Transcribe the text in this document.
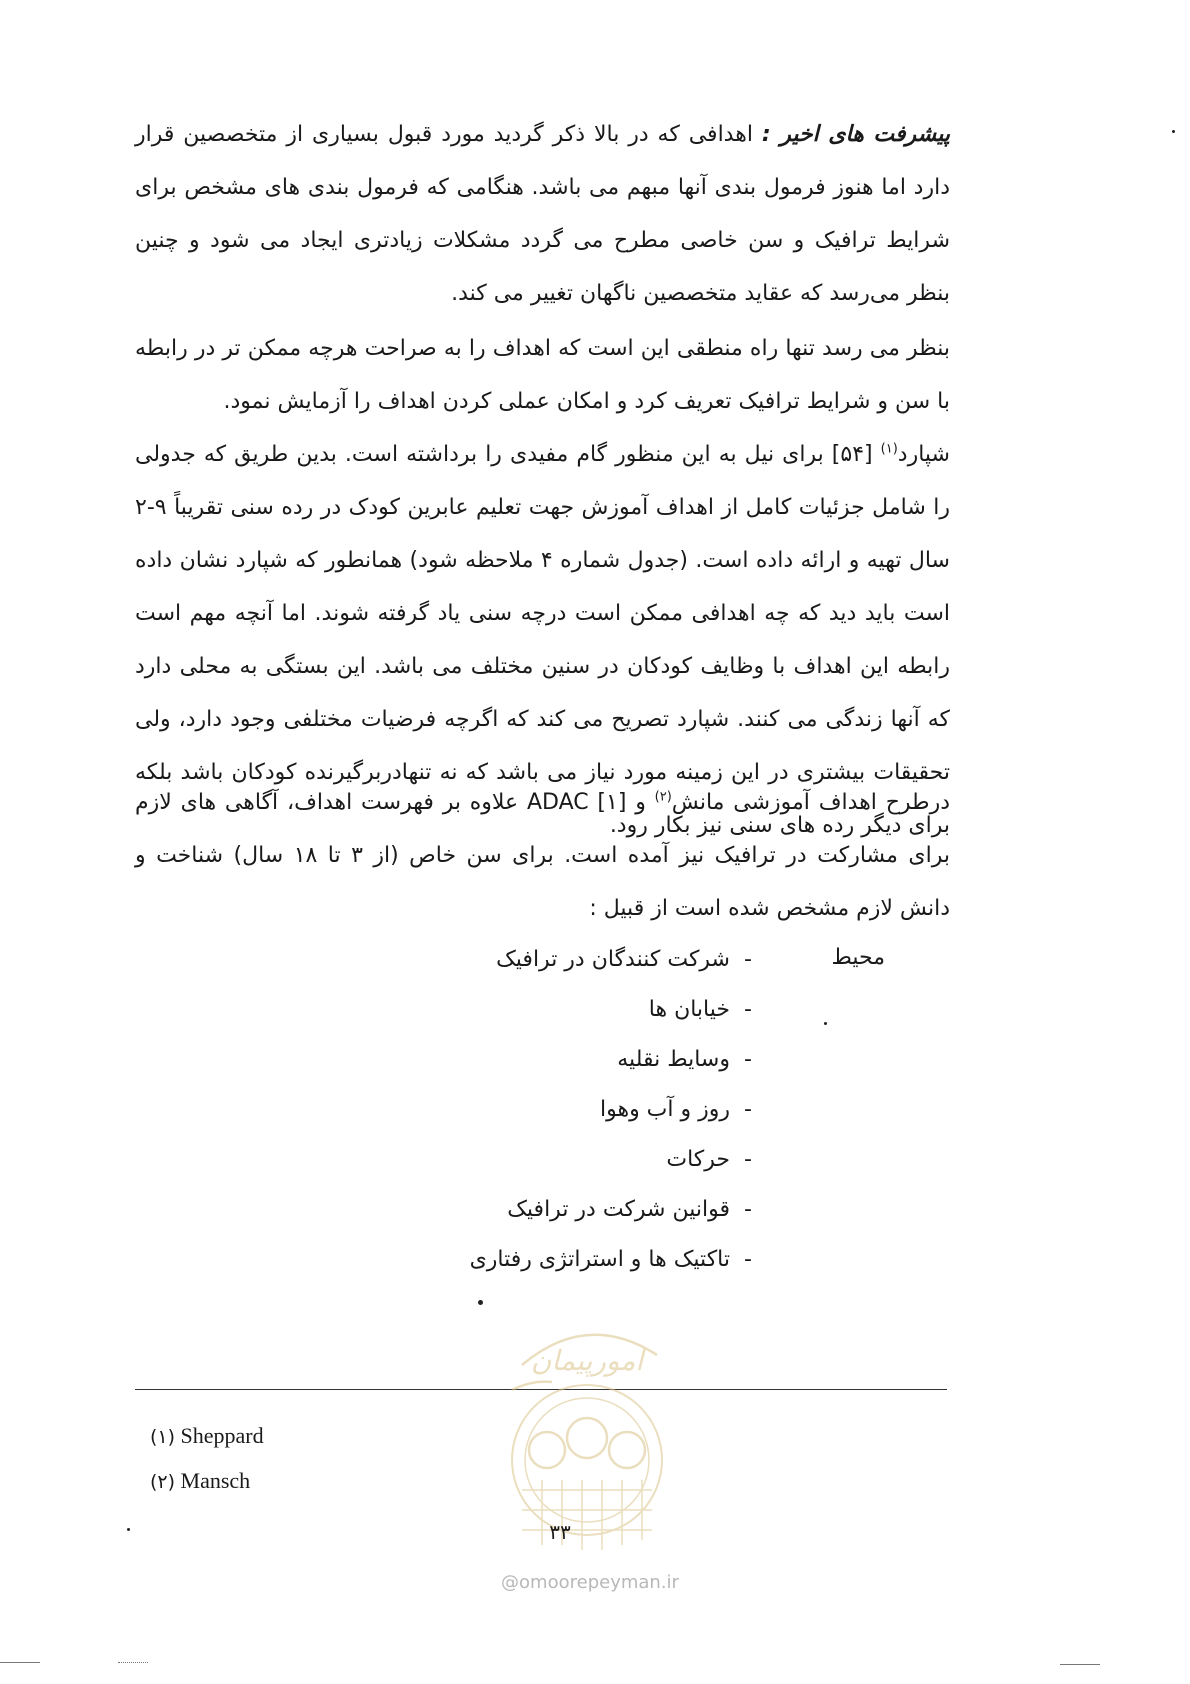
پیشرفت های اخیر : اهدافی که در بالا ذکر گردید مورد قبول بسیاری از متخصصین قرار دارد اما هنوز فرمول بندی آنها مبهم می باشد. هنگامی که فرمول بندی های مشخص برای شرایط ترافیک و سن خاصی مطرح می گردد مشکلات زیادتری ایجاد می شود و چنین بنظر می‌رسد که عقاید متخصصین ناگهان تغییر می کند.
بنظر می رسد تنها راه منطقی این است که اهداف را به صراحت هرچه ممکن تر در رابطه با سن و شرایط ترافیک تعریف کرد و امکان عملی کردن اهداف را آزمایش نمود.
شپارد$^{(۱)}$ [۵۴] برای نیل به این منظور گام مفیدی را برداشته است. بدین طریق که جدولی را شامل جزئیات کامل از اهداف آموزش جهت تعلیم عابرین کودک در رده سنی تقریباً ۹-۲ سال تهیه و ارائه داده است. (جدول شماره ۴ ملاحظه شود) همانطور که شپارد نشان داده است باید دید که چه اهدافی ممکن است درچه سنی یاد گرفته شوند. اما آنچه مهم است رابطه این اهداف با وظایف کودکان در سنین مختلف می باشد. این بستگی به محلی دارد که آنها زندگی می کنند. شپارد تصریح می کند که اگرچه فرضیات مختلفی وجود دارد، ولی تحقیقات بیشتری در این زمینه مورد نیاز می باشد که نه تنهادربرگیرنده کودکان باشد بلکه برای دیگر رده های سنی نیز بکار رود.
درطرح اهداف آموزشی مانش$^{(۲)}$ و ADAC [۱] علاوه بر فهرست اهداف، آگاهی های لازم برای مشارکت در ترافیک نیز آمده است. برای سن خاص (از ۳ تا ۱۸ سال) شناخت و دانش لازم مشخص شده است از قبیل :
محیط
-شرکت کنندگان در ترافیک
-خیابان ها
-وسایط نقلیه
-روز و آب وهوا
-حرکات
-قوانین شرکت در ترافیک
-تاکتیک ها و استراتژی رفتاری
(۱) Sheppard
(۲) Mansch
امورپیمان
۳۳
@omoorepeyman.ir
